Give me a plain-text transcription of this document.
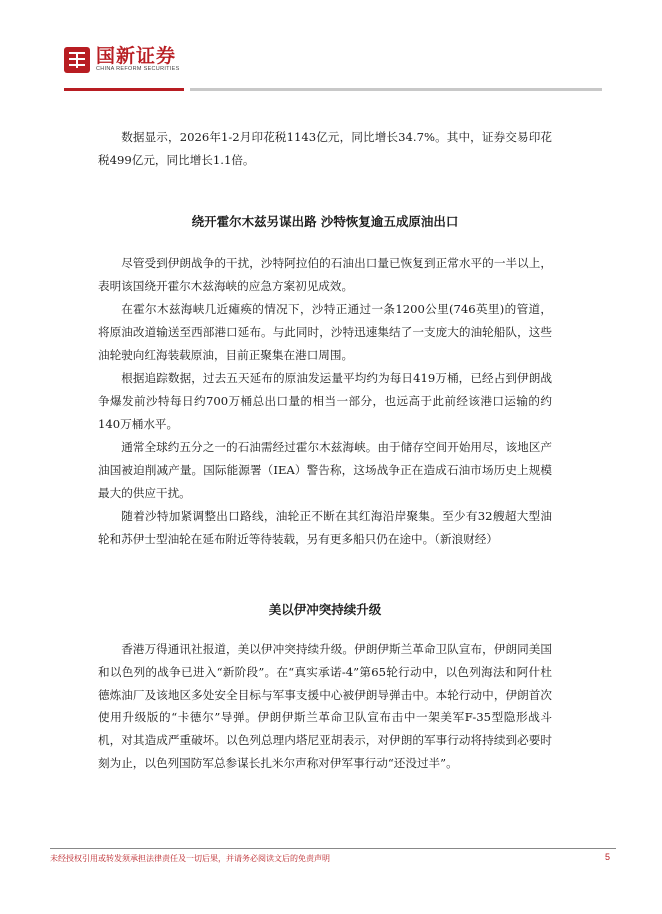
国新证券
CHINA REFORM SECURITIES

数据显示，2026年1-2月印花税1143亿元，同比增长34.7%。其中，证券交易印花税499亿元，同比增长1.1倍。

绕开霍尔木兹另谋出路 沙特恢复逾五成原油出口

尽管受到伊朗战争的干扰，沙特阿拉伯的石油出口量已恢复到正常水平的一半以上，表明该国绕开霍尔木兹海峡的应急方案初见成效。

在霍尔木兹海峡几近瘫痪的情况下，沙特正通过一条1200公里(746英里)的管道，将原油改道输送至西部港口延布。与此同时，沙特迅速集结了一支庞大的油轮船队，这些油轮驶向红海装载原油，目前正聚集在港口周围。

根据追踪数据，过去五天延布的原油发运量平均约为每日419万桶，已经占到伊朗战争爆发前沙特每日约700万桶总出口量的相当一部分，也远高于此前经该港口运输的约140万桶水平。

通常全球约五分之一的石油需经过霍尔木兹海峡。由于储存空间开始用尽，该地区产油国被迫削减产量。国际能源署（IEA）警告称，这场战争正在造成石油市场历史上规模最大的供应干扰。

随着沙特加紧调整出口路线，油轮正不断在其红海沿岸聚集。至少有32艘超大型油轮和苏伊士型油轮在延布附近等待装载，另有更多船只仍在途中。（新浪财经）

美以伊冲突持续升级

香港万得通讯社报道，美以伊冲突持续升级。伊朗伊斯兰革命卫队宣布，伊朗同美国和以色列的战争已进入“新阶段”。在“真实承诺-4”第65轮行动中，以色列海法和阿什杜德炼油厂及该地区多处安全目标与军事支援中心被伊朗导弹击中。本轮行动中，伊朗首次使用升级版的“卡德尔”导弹。伊朗伊斯兰革命卫队宣布击中一架美军F-35型隐形战斗机，对其造成严重破坏。以色列总理内塔尼亚胡表示，对伊朗的军事行动将持续到必要时刻为止，以色列国防军总参谋长扎米尔声称对伊军事行动“还没过半”。

未经授权引用或转发须承担法律责任及一切后果，并请务必阅读文后的免责声明	5
